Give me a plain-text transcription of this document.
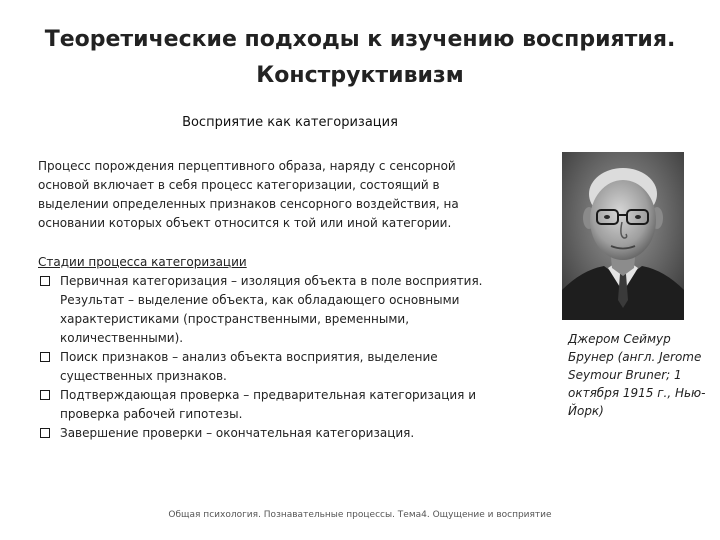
Теоретические подходы к изучению восприятия. Конструктивизм

Восприятие как категоризация

Процесс порождения перцептивного образа, наряду с сенсорной основой включает в себя процесс категоризации, состоящий в выделении определенных признаков сенсорного воздействия, на основании которых объект относится к той или иной категории.

Стадии процесса категоризации

Первичная категоризация – изоляция объекта в поле восприятия. Результат – выделение объекта, как обладающего основными характеристиками (пространственными, временными, количественными).
Поиск признаков – анализ объекта восприятия, выделение существенных признаков.
Подтверждающая проверка – предварительная категоризация и проверка рабочей гипотезы.
Завершение проверки – окончательная категоризация.

Джером Сеймур Брунер (англ. Jerome Seymour Bruner; 1 октября 1915 г., Нью-Йорк)

Общая психология. Познавательные процессы. Тема4. Ощущение и восприятие
